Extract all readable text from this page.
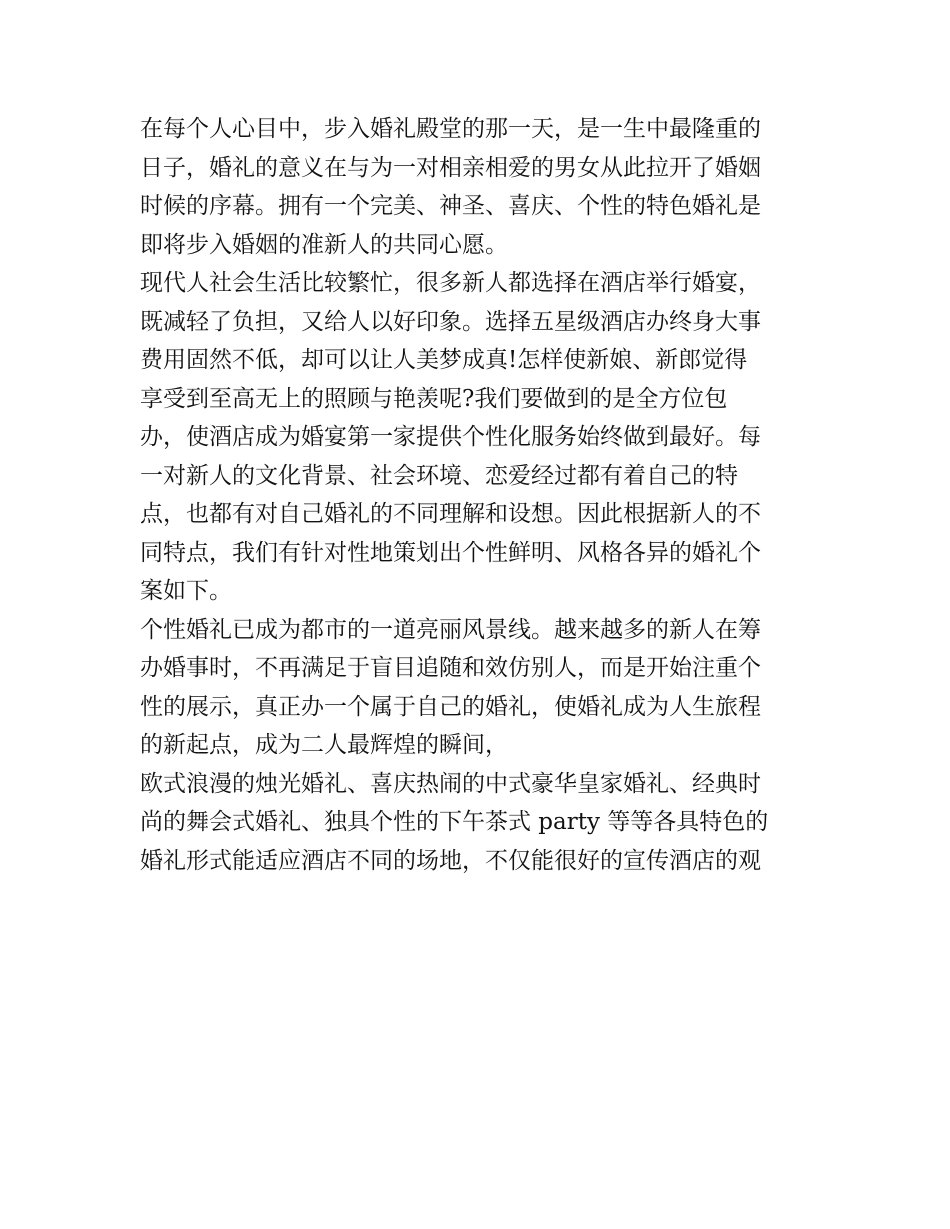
在每个人心目中，步入婚礼殿堂的那一天，是一生中最隆重的
日子，婚礼的意义在与为一对相亲相爱的男女从此拉开了婚姻
时候的序幕。拥有一个完美、神圣、喜庆、个性的特色婚礼是
即将步入婚姻的准新人的共同心愿。
现代人社会生活比较繁忙，很多新人都选择在酒店举行婚宴，
既减轻了负担，又给人以好印象。选择五星级酒店办终身大事
费用固然不低，却可以让人美梦成真!怎样使新娘、新郎觉得
享受到至高无上的照顾与艳羡呢?我们要做到的是全方位包
办，使酒店成为婚宴第一家提供个性化服务始终做到最好。每
一对新人的文化背景、社会环境、恋爱经过都有着自己的特
点，也都有对自己婚礼的不同理解和设想。因此根据新人的不
同特点，我们有针对性地策划出个性鲜明、风格各异的婚礼个
案如下。
个性婚礼已成为都市的一道亮丽风景线。越来越多的新人在筹
办婚事时，不再满足于盲目追随和效仿别人，而是开始注重个
性的展示，真正办一个属于自己的婚礼，使婚礼成为人生旅程
的新起点，成为二人最辉煌的瞬间，
欧式浪漫的烛光婚礼、喜庆热闹的中式豪华皇家婚礼、经典时
尚的舞会式婚礼、独具个性的下午茶式 party 等等各具特色的
婚礼形式能适应酒店不同的场地，不仅能很好的宣传酒店的观
